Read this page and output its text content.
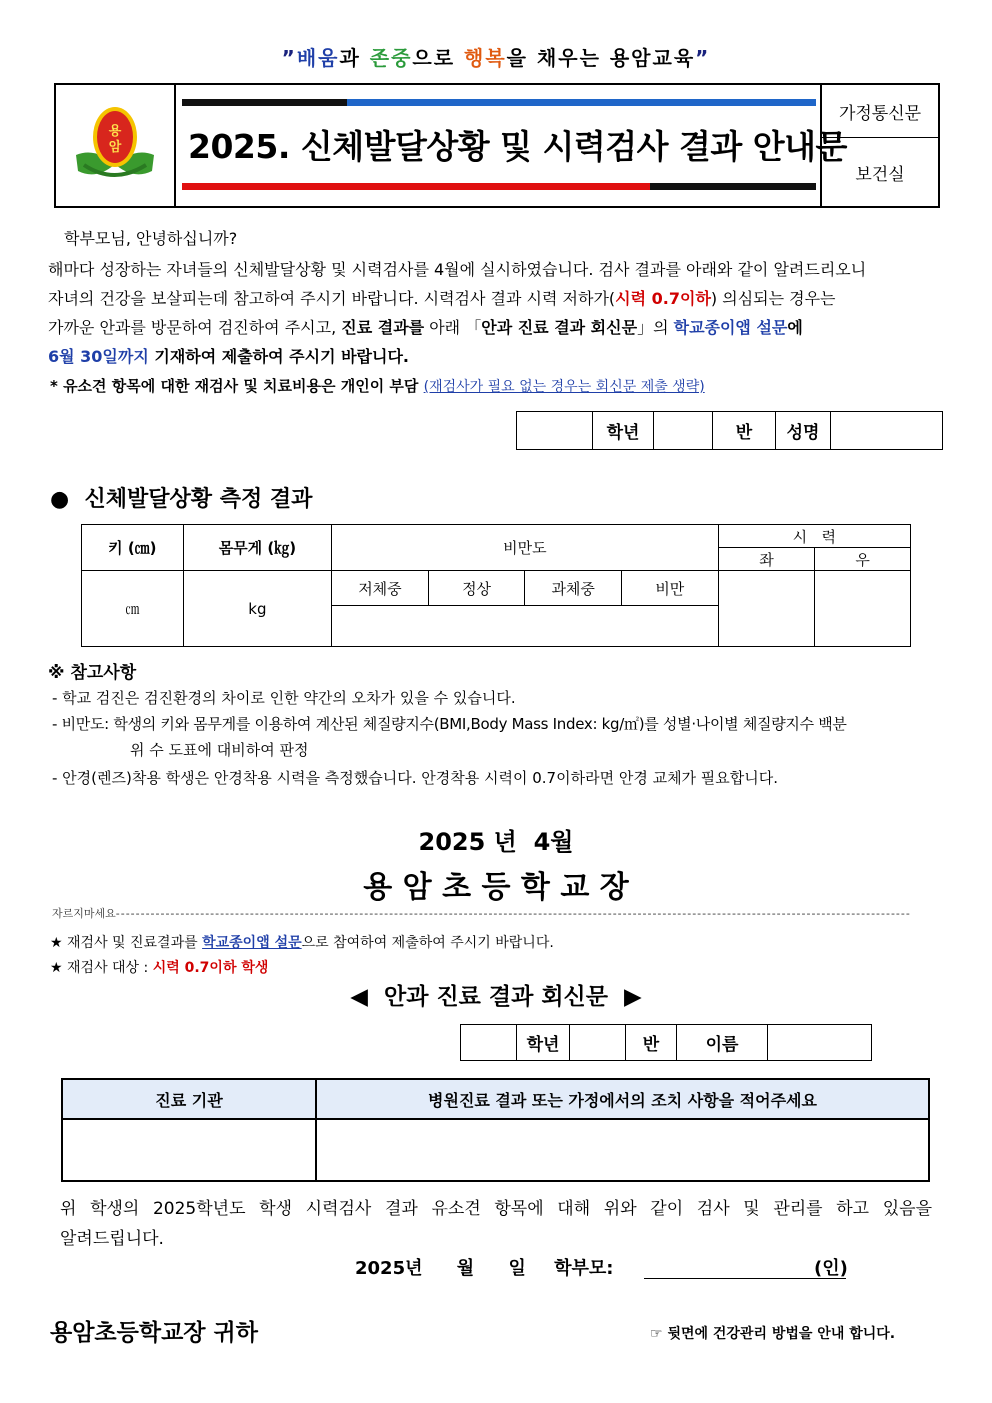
”배움과 존중으로 행복을 채우는 용암교육”
용
암 2025. 신체발달상황 및 시력검사 결과 안내문
가정통신문
보건실
학부모님, 안녕하십니까?
해마다 성장하는 자녀들의 신체발달상황 및 시력검사를 4월에 실시하였습니다. 검사 결과를 아래와 같이 알려드리오니
자녀의 건강을 보살피는데 참고하여 주시기 바랍니다. 시력검사 결과 시력 저하가(시력 0.7이하) 의심되는 경우는
가까운 안과를 방문하여 검진하여 주시고, 진료 결과를 아래 「안과 진료 결과 회신문」의 학교종이앱 설문에
6월 30일까지 기재하여 제출하여 주시기 바랍니다.
* 유소견 항목에 대한 재검사 및 치료비용은 개인이 부담 (재검사가 필요 없는 경우는 회신문 제출 생략)
	학년		반	성명	
● 신체발달상황 측정 결과
키 (㎝)	몸무게 (㎏)	비만도				시   력	
						좌	우
㎝	kg	저체중	정상	과체중	비만		

※ 참고사항
- 학교 검진은 검진환경의 차이로 인한 약간의 오차가 있을 수 있습니다.
- 비만도: 학생의 키와 몸무게를 이용하여 계산된 체질량지수(BMI,Body Mass Index: kg/㎡)를 성별·나이별 체질량지수 백분
위 수 도표에 대비하여 판정
- 안경(렌즈)착용 학생은 안경착용 시력을 측정했습니다. 안경착용 시력이 0.7이하라면 안경 교체가 필요합니다.
2025 년  4월
용 암 초 등 학 교 장
자르지마세요----------------------------------------------------------------------------------------------------------------------------------------------------------------
★ 재검사 및 진료결과를 학교종이앱 설문으로 참여하여 제출하여 주시기 바랍니다.
★ 재검사 대상 : 시력 0.7이하 학생
◀ 안과 진료 결과 회신문 ▶
	학년		반	이름	
진료 기관	병원진료 결과 또는 가정에서의 조치 사항을 적어주세요

위 학생의 2025학년도 학생 시력검사 결과 유소견 항목에 대해 위와 같이 검사 및 관리를 하고 있음을
알려드립니다.
2025년 월 일 학부모:	(인)
용암초등학교장 귀하	☞ 뒷면에 건강관리 방법을 안내 합니다.
